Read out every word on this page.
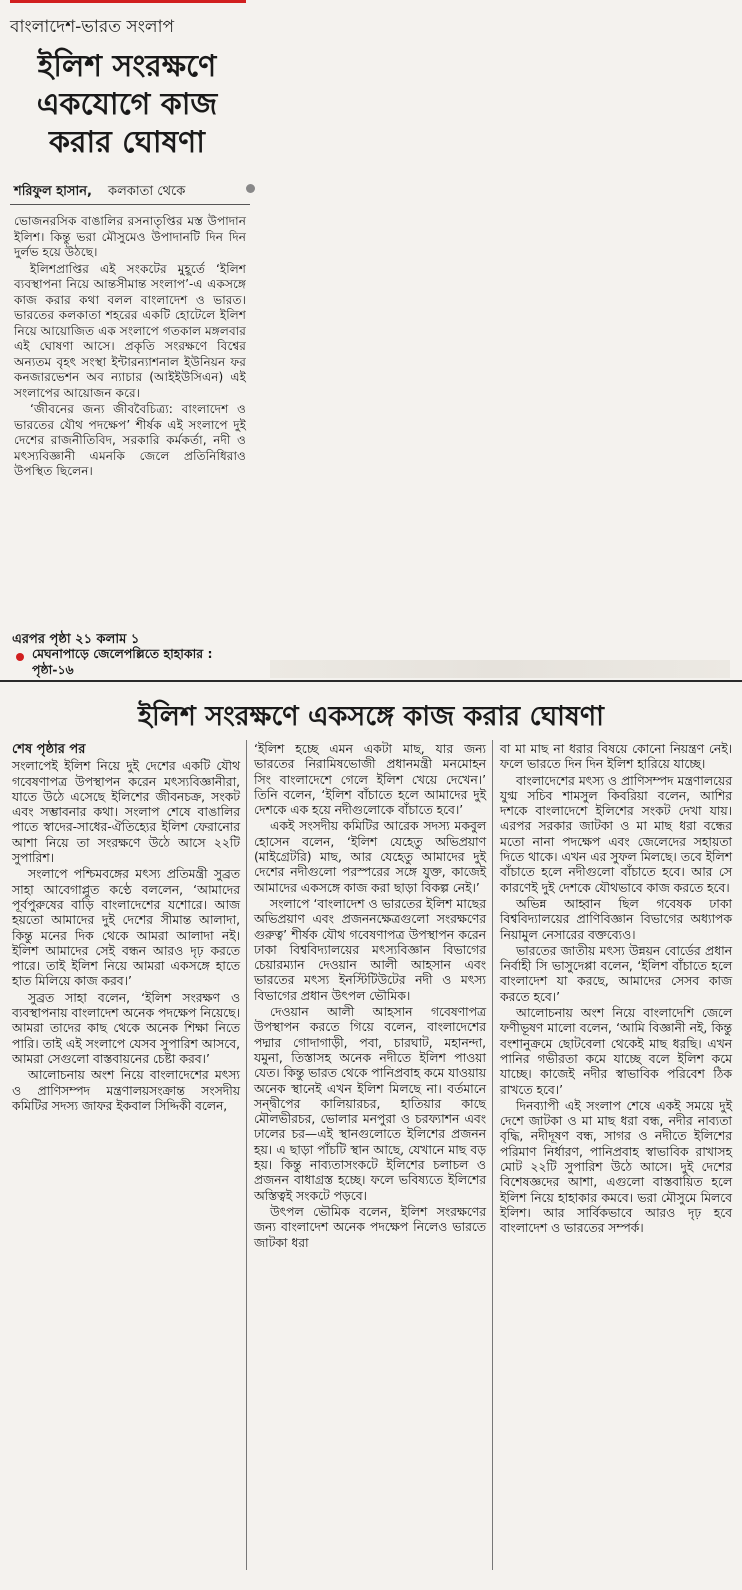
বাংলাদেশ-ভারত সংলাপ
ইলিশ সংরক্ষণে
একযোগে কাজ
করার ঘোষণা
শরিফুল হাসান, কলকাতা থেকে

ভোজনরসিক বাঙালির রসনাতৃপ্তির মস্ত উপাদান ইলিশ। কিন্তু ভরা মৌসুমেও উপাদানটি দিন দিন দুর্লভ হয়ে উঠছে।

ইলিশপ্রাপ্তির এই সংকটের মুহূর্তে ‘ইলিশ ব্যবস্থাপনা নিয়ে আন্তসীমান্ত সংলাপ’-এ একসঙ্গে কাজ করার কথা বলল বাংলাদেশ ও ভারত। ভারতের কলকাতা শহরের একটি হোটেলে ইলিশ নিয়ে আয়োজিত এক সংলাপে গতকাল মঙ্গলবার এই ঘোষণা আসে। প্রকৃতি সংরক্ষণে বিশ্বের অন্যতম বৃহৎ সংস্থা ইন্টারন্যাশনাল ইউনিয়ন ফর কনজারভেশন অব ন্যাচার (আইইউসিএন) এই সংলাপের আয়োজন করে।

‘জীবনের জন্য জীববৈচিত্র্য: বাংলাদেশ ও ভারতের যৌথ পদক্ষেপ’ শীর্ষক এই সংলাপে দুই দেশের রাজনীতিবিদ, সরকারি কর্মকর্তা, নদী ও মৎস্যবিজ্ঞানী এমনকি জেলে প্রতিনিধিরাও উপস্থিত ছিলেন।

এরপর পৃষ্ঠা ২১ কলাম ১
মেঘনাপাড়ে জেলেপল্লিতে হাহাকার : পৃষ্ঠা-১৬
ইলিশ সংরক্ষণে একসঙ্গে কাজ করার ঘোষণা
শেষ পৃষ্ঠার পর

সংলাপেই ইলিশ নিয়ে দুই দেশের একটি যৌথ গবেষণাপত্র উপস্থাপন করেন মৎস্যবিজ্ঞানীরা, যাতে উঠে এসেছে ইলিশের জীবনচক্র, সংকট এবং সম্ভাবনার কথা। সংলাপ শেষে বাঙালির পাতে স্বাদের-সাধের-ঐতিহ্যের ইলিশ ফেরানোর আশা নিয়ে তা সংরক্ষণে উঠে আসে ২২টি সুপারিশ।

সংলাপে পশ্চিমবঙ্গের মৎস্য প্রতিমন্ত্রী সুব্রত সাহা আবেগাপ্লুত কণ্ঠে বললেন, ‘আমাদের পূর্বপুরুষের বাড়ি বাংলাদেশের যশোরে। আজ হয়তো আমাদের দুই দেশের সীমান্ত আলাদা, কিন্তু মনের দিক থেকে আমরা আলাদা নই। ইলিশ আমাদের সেই বন্ধন আরও দৃঢ় করতে পারে। তাই ইলিশ নিয়ে আমরা একসঙ্গে হাতে হাত মিলিয়ে কাজ করব।’

সুব্রত সাহা বলেন, ‘ইলিশ সংরক্ষণ ও ব্যবস্থাপনায় বাংলাদেশ অনেক পদক্ষেপ নিয়েছে। আমরা তাদের কাছ থেকে অনেক শিক্ষা নিতে পারি। তাই এই সংলাপে যেসব সুপারিশ আসবে, আমরা সেগুলো বাস্তবায়নের চেষ্টা করব।’

আলোচনায় অংশ নিয়ে বাংলাদেশের মৎস্য ও প্রাণিসম্পদ মন্ত্রণালয়সংক্রান্ত সংসদীয় কমিটির সদস্য জাফর ইকবাল সিদ্দিকী বলেন,

‘ইলিশ হচ্ছে এমন একটা মাছ, যার জন্য ভারতের নিরামিষভোজী প্রধানমন্ত্রী মনমোহন সিং বাংলাদেশে গেলে ইলিশ খেয়ে দেখেন।’ তিনি বলেন, ‘ইলিশ বাঁচাতে হলে আমাদের দুই দেশকে এক হয়ে নদীগুলোকে বাঁচাতে হবে।’

একই সংসদীয় কমিটির আরেক সদস্য মকবুল হোসেন বলেন, ‘ইলিশ যেহেতু অভিপ্রয়াণ (মাইগ্রেটরি) মাছ, আর যেহেতু আমাদের দুই দেশের নদীগুলো পরস্পরের সঙ্গে যুক্ত, কাজেই আমাদের একসঙ্গে কাজ করা ছাড়া বিকল্প নেই।’

সংলাপে ‘বাংলাদেশ ও ভারতের ইলিশ মাছের অভিপ্রয়াণ এবং প্রজননক্ষেত্রগুলো সংরক্ষণের গুরুত্ব’ শীর্ষক যৌথ গবেষণাপত্র উপস্থাপন করেন ঢাকা বিশ্ববিদ্যালয়ের মৎস্যবিজ্ঞান বিভাগের চেয়ারম্যান দেওয়ান আলী আহসান এবং ভারতের মৎস্য ইনস্টিটিউটের নদী ও মৎস্য বিভাগের প্রধান উৎপল ভৌমিক।

দেওয়ান আলী আহসান গবেষণাপত্র উপস্থাপন করতে গিয়ে বলেন, বাংলাদেশের পদ্মার গোদাগাড়ী, পবা, চারঘাট, মহানন্দা, যমুনা, তিস্তাসহ অনেক নদীতে ইলিশ পাওয়া যেত। কিন্তু ভারত থেকে পানিপ্রবাহ কমে যাওয়ায় অনেক স্থানেই এখন ইলিশ মিলছে না। বর্তমানে সন্দ্বীপের কালিয়ারচর, হাতিয়ার কাছে মৌলভীরচর, ভোলার মনপুরা ও চরফ্যাশন এবং ঢালের চর—এই স্থানগুলোতে ইলিশের প্রজনন হয়। এ ছাড়া পাঁচটি স্থান আছে, যেখানে মাছ বড় হয়। কিন্তু নাব্যতাসংকটে ইলিশের চলাচল ও প্রজনন বাধাগ্রস্ত হচ্ছে। ফলে ভবিষ্যতে ইলিশের অস্তিত্বই সংকটে পড়বে।

উৎপল ভৌমিক বলেন, ইলিশ সংরক্ষণের জন্য বাংলাদেশ অনেক পদক্ষেপ নিলেও ভারতে জাটকা ধরা

বা মা মাছ না ধরার বিষয়ে কোনো নিয়ন্ত্রণ নেই। ফলে ভারতে দিন দিন ইলিশ হারিয়ে যাচ্ছে।

বাংলাদেশের মৎস্য ও প্রাণিসম্পদ মন্ত্রণালয়ের যুগ্ম সচিব শামসুল কিবরিয়া বলেন, আশির দশকে বাংলাদেশে ইলিশের সংকট দেখা যায়। এরপর সরকার জাটকা ও মা মাছ ধরা বন্ধের মতো নানা পদক্ষেপ এবং জেলেদের সহায়তা দিতে থাকে। এখন এর সুফল মিলছে। তবে ইলিশ বাঁচাতে হলে নদীগুলো বাঁচাতে হবে। আর সে কারণেই দুই দেশকে যৌথভাবে কাজ করতে হবে।

অভিন্ন আহ্বান ছিল গবেষক ঢাকা বিশ্ববিদ্যালয়ের প্রাণিবিজ্ঞান বিভাগের অধ্যাপক নিয়ামুল নেসারের বক্তব্যেও।

ভারতের জাতীয় মৎস্য উন্নয়ন বোর্ডের প্রধান নির্বাহী সি ভাসুদেপ্পা বলেন, ‘ইলিশ বাঁচাতে হলে বাংলাদেশ যা করছে, আমাদের সেসব কাজ করতে হবে।’

আলোচনায় অংশ নিয়ে বাংলাদেশি জেলে ফণীভূষণ মালো বলেন, ‘আমি বিজ্ঞানী নই, কিন্তু বংশানুক্রমে ছোটবেলা থেকেই মাছ ধরছি। এখন পানির গভীরতা কমে যাচ্ছে বলে ইলিশ কমে যাচ্ছে। কাজেই নদীর স্বাভাবিক পরিবেশ ঠিক রাখতে হবে।’

দিনব্যাপী এই সংলাপ শেষে একই সময়ে দুই দেশে জাটকা ও মা মাছ ধরা বন্ধ, নদীর নাব্যতা বৃদ্ধি, নদীদূষণ বন্ধ, সাগর ও নদীতে ইলিশের পরিমাণ নির্ধারণ, পানিপ্রবাহ স্বাভাবিক রাখাসহ মোট ২২টি সুপারিশ উঠে আসে। দুই দেশের বিশেষজ্ঞদের আশা, এগুলো বাস্তবায়িত হলে ইলিশ নিয়ে হাহাকার কমবে। ভরা মৌসুমে মিলবে ইলিশ। আর সার্বিকভাবে আরও দৃঢ় হবে বাংলাদেশ ও ভারতের সম্পর্ক।
